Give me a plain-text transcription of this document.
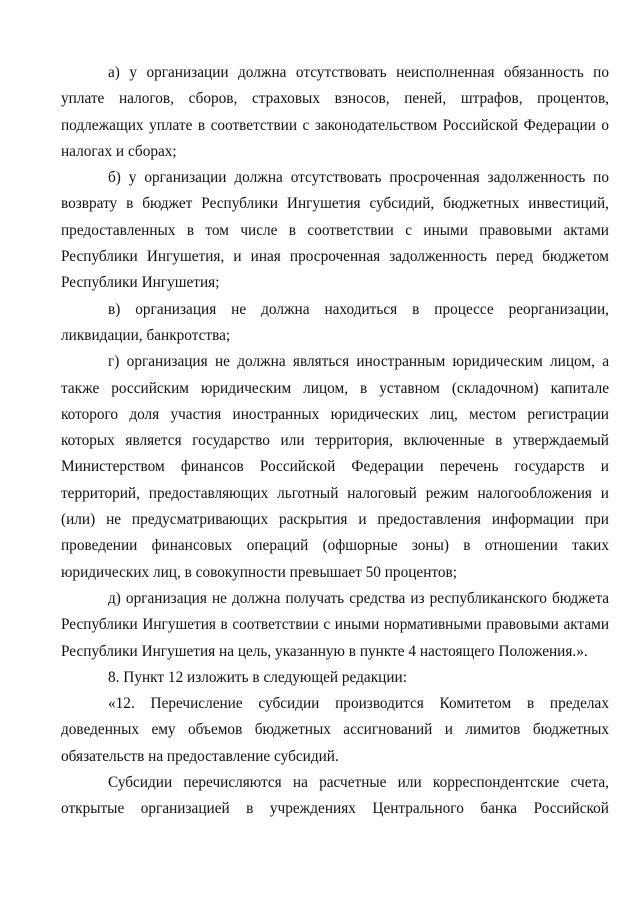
а) у организации должна отсутствовать неисполненная обязанность по уплате налогов, сборов, страховых взносов, пеней, штрафов, процентов, подлежащих уплате в соответствии с законодательством Российской Федерации о налогах и сборах;

б) у организации должна отсутствовать просроченная задолженность по возврату в бюджет Республики Ингушетия субсидий, бюджетных инвестиций, предоставленных в том числе в соответствии с иными правовыми актами Республики Ингушетия, и иная просроченная задолженность перед бюджетом Республики Ингушетия;

в) организация не должна находиться в процессе реорганизации, ликвидации, банкротства;

г) организация не должна являться иностранным юридическим лицом, а также российским юридическим лицом, в уставном (складочном) капитале которого доля участия иностранных юридических лиц, местом регистрации которых является государство или территория, включенные в утверждаемый Министерством финансов Российской Федерации перечень государств и территорий, предоставляющих льготный налоговый режим налогообложения и (или) не предусматривающих раскрытия и предоставления информации при проведении финансовых операций (офшорные зоны) в отношении таких юридических лиц, в совокупности превышает 50 процентов;

д) организация не должна получать средства из республиканского бюджета Республики Ингушетия в соответствии с иными нормативными правовыми актами Республики Ингушетия на цель, указанную в пункте 4 настоящего Положения.».

8. Пункт 12 изложить в следующей редакции:

«12. Перечисление субсидии производится Комитетом в пределах доведенных ему объемов бюджетных ассигнований и лимитов бюджетных обязательств на предоставление субсидий.

Субсидии перечисляются на расчетные или корреспондентские счета, открытые организацией в учреждениях Центрального банка Российской
